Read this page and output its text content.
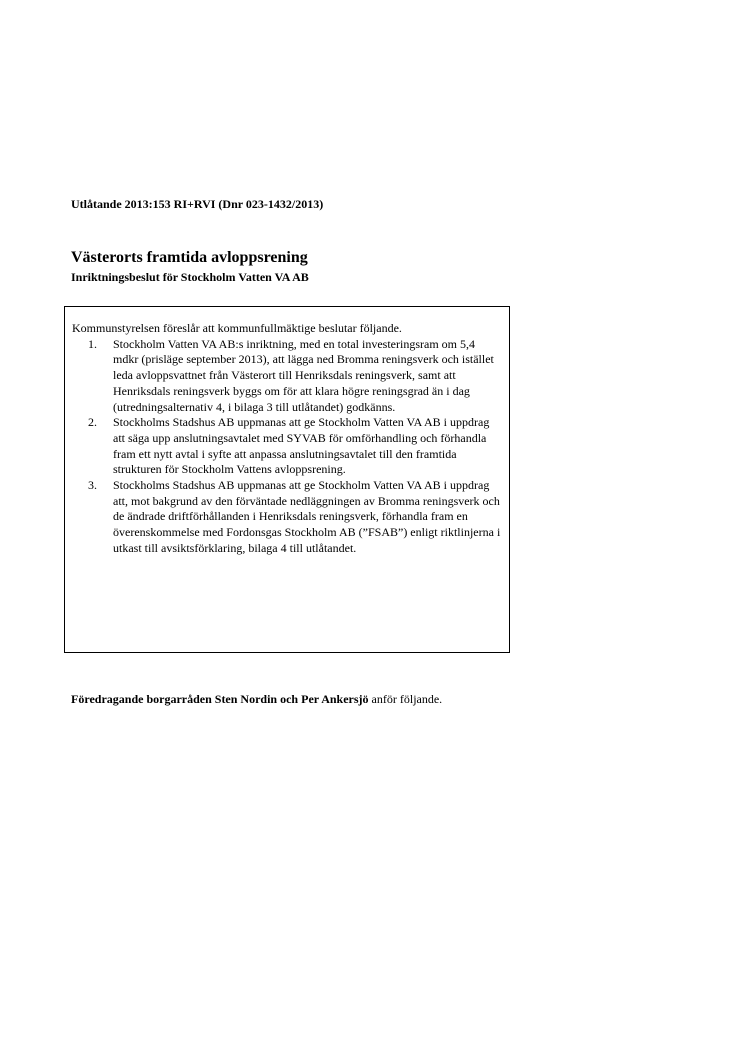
Utlåtande 2013:153 RI+RVI (Dnr 023-1432/2013)
Västerorts framtida avloppsrening
Inriktningsbeslut för Stockholm Vatten VA AB

Kommunstyrelsen föreslår att kommunfullmäktige beslutar följande.

1. Stockholm Vatten VA AB:s inriktning, med en total investeringsram om 5,4 mdkr (prisläge september 2013), att lägga ned Bromma reningsverk och istället leda avloppsvattnet från Västerort till Henriksdals reningsverk, samt att Henriksdals reningsverk byggs om för att klara högre reningsgrad än i dag (utredningsalternativ 4, i bilaga 3 till utlåtandet) godkänns.
2. Stockholms Stadshus AB uppmanas att ge Stockholm Vatten VA AB i uppdrag att säga upp anslutningsavtalet med SYVAB för omförhandling och förhandla fram ett nytt avtal i syfte att anpassa anslutningsavtalet till den framtida strukturen för Stockholm Vattens avloppsrening.
3. Stockholms Stadshus AB uppmanas att ge Stockholm Vatten VA AB i uppdrag att, mot bakgrund av den förväntade nedläggningen av Bromma reningsverk och de ändrade driftförhållanden i Henriksdals reningsverk, förhandla fram en överenskommelse med Fordonsgas Stockholm AB (”FSAB”) enligt riktlinjerna i utkast till avsiktsförklaring, bilaga 4 till utlåtandet.
Föredragande borgarråden Sten Nordin och Per Ankersjö anför följande.
